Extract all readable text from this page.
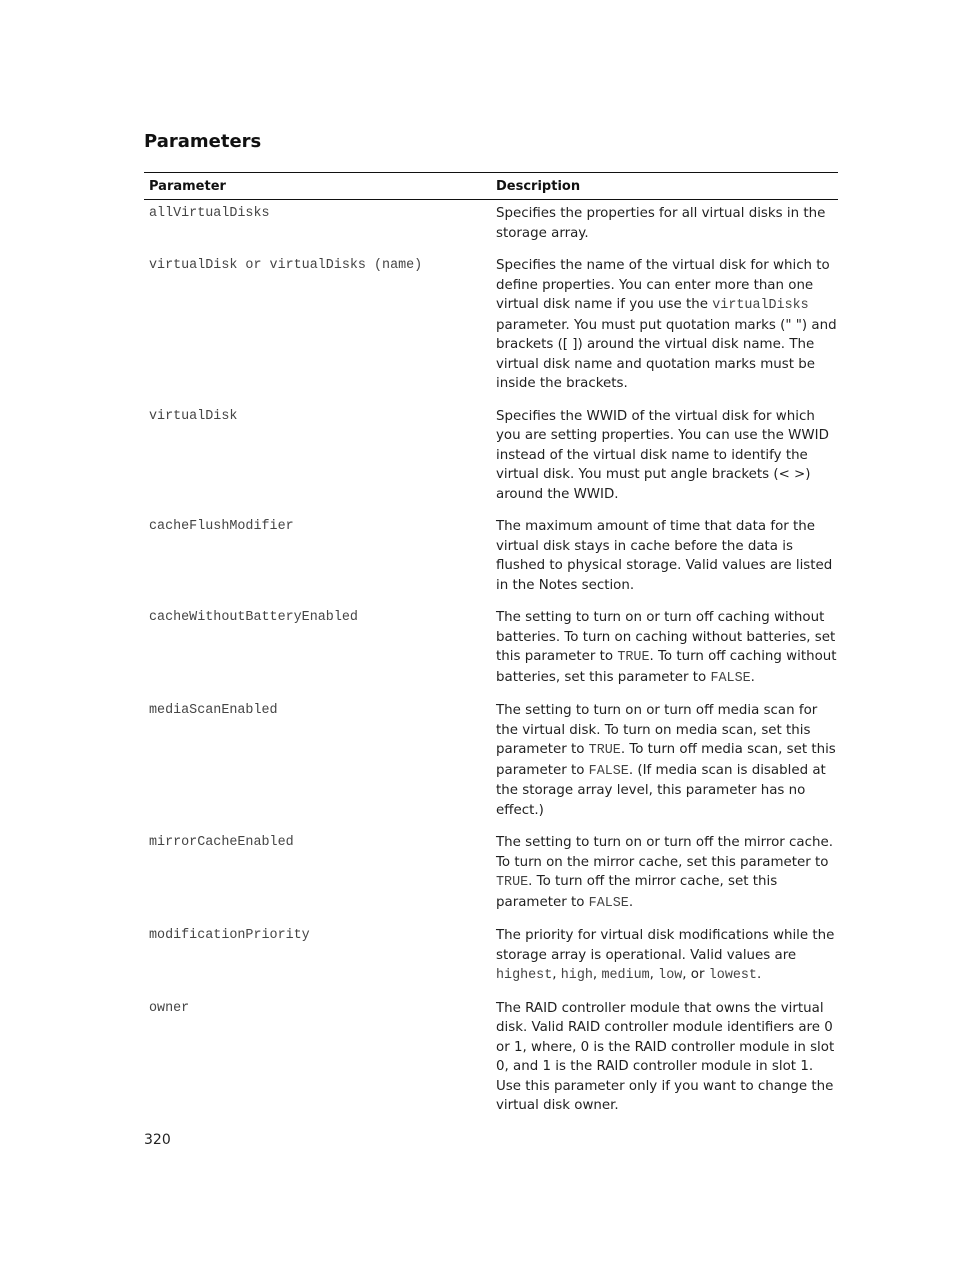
Parameters
Parameter	Description
allVirtualDisks	Specifies the properties for all virtual disks in the storage array.
virtualDisk or virtualDisks (name)	Specifies the name of the virtual disk for which to define properties. You can enter more than one virtual disk name if you use the virtualDisks parameter. You must put quotation marks (" ") and brackets ([ ]) around the virtual disk name. The virtual disk name and quotation marks must be inside the brackets.
virtualDisk	Specifies the WWID of the virtual disk for which you are setting properties. You can use the WWID instead of the virtual disk name to identify the virtual disk. You must put angle brackets (< >) around the WWID.
cacheFlushModifier	The maximum amount of time that data for the virtual disk stays in cache before the data is flushed to physical storage. Valid values are listed in the Notes section.
cacheWithoutBatteryEnabled	The setting to turn on or turn off caching without batteries. To turn on caching without batteries, set this parameter to TRUE. To turn off caching without batteries, set this parameter to FALSE.
mediaScanEnabled	The setting to turn on or turn off media scan for the virtual disk. To turn on media scan, set this parameter to TRUE. To turn off media scan, set this parameter to FALSE. (If media scan is disabled at the storage array level, this parameter has no effect.)
mirrorCacheEnabled	The setting to turn on or turn off the mirror cache. To turn on the mirror cache, set this parameter to TRUE. To turn off the mirror cache, set this parameter to FALSE.
modificationPriority	The priority for virtual disk modifications while the storage array is operational. Valid values are highest, high, medium, low, or lowest.
owner	The RAID controller module that owns the virtual disk. Valid RAID controller module identifiers are 0 or 1, where, 0 is the RAID controller module in slot 0, and 1 is the RAID controller module in slot 1. Use this parameter only if you want to change the virtual disk owner.
320
